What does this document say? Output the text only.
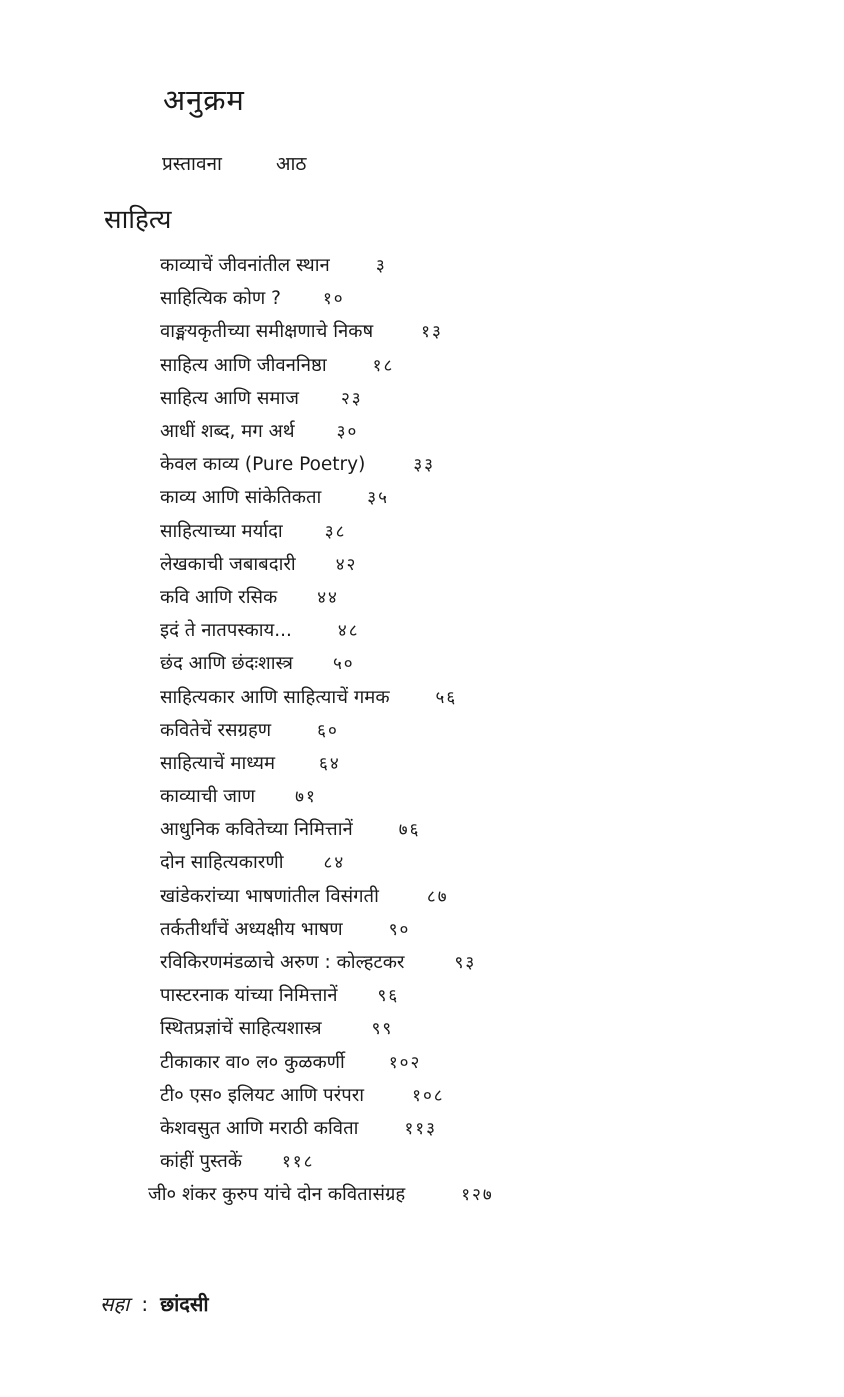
अनुक्रम
प्रस्तावना	आठ
साहित्य
काव्याचें जीवनांतील स्थान	३
साहित्यिक कोण ? १०
वाङ्मयकृतीच्या समीक्षणाचे निकष	१३
साहित्य आणि जीवननिष्ठा	१८
साहित्य आणि समाज २३
आधीं शब्द, मग अर्थ ३०
केवल काव्य (Pure Poetry)	३३
काव्य आणि सांकेतिकता	३५
साहित्याच्या मर्यादा ३८
लेखकाची जबाबदारी ४२
कवि आणि रसिक ४४
इदं ते नातपस्काय...	४८
छंद आणि छंदःशास्त्र ५०
साहित्यकार आणि साहित्याचें गमक	५६
कवितेचें रसग्रहण	६०
साहित्याचें माध्यम	६४
काव्याची जाण ७१
आधुनिक कवितेच्या निमित्तानें	७६
दोन साहित्यकारणी ८४
खांडेकरांच्या भाषणांतील विसंगती	८७
तर्कतीर्थांचें अध्यक्षीय भाषण	९०
रविकिरणमंडळाचे अरुण : कोल्हटकर	९३
पास्टरनाक यांच्या निमित्तानें ९६
स्थितप्रज्ञांचें साहित्यशास्त्र	९९
टीकाकार वा० ल० कुळकर्णी	१०२
टी० एस० इलियट आणि परंपरा	१०८
केशवसुत आणि मराठी कविता	११३
कांहीं पुस्तकें ११८
जी० शंकर कुरुप यांचे दोन कवितासंग्रह	१२७
सहा : छांदसी
